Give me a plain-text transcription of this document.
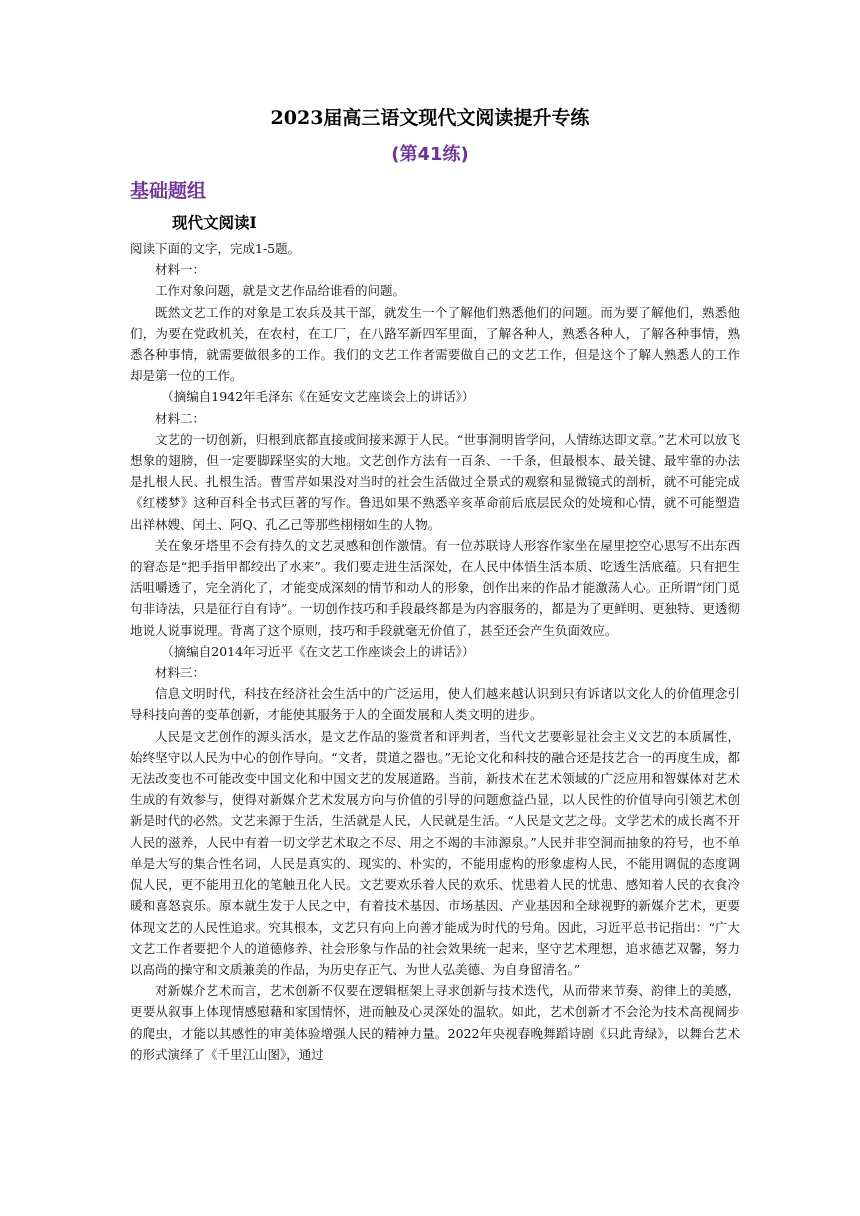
2023届高三语文现代文阅读提升专练
(第41练)
基础题组
现代文阅读Ⅰ

阅读下面的文字，完成1-5题。

材料一：

工作对象问题，就是文艺作品给谁看的问题。

既然文艺工作的对象是工农兵及其干部，就发生一个了解他们熟悉他们的问题。而为要了解他们，熟悉他们，为要在党政机关，在农村，在工厂，在八路军新四军里面，了解各种人，熟悉各种人，了解各种事情，熟悉各种事情，就需要做很多的工作。我们的文艺工作者需要做自己的文艺工作，但是这个了解人熟悉人的工作却是第一位的工作。

（摘编自1942年毛泽东《在延安文艺座谈会上的讲话》）

材料二：

文艺的一切创新，归根到底都直接或间接来源于人民。“世事洞明皆学问，人情练达即文章。”艺术可以放飞想象的翅膀，但一定要脚踩坚实的大地。文艺创作方法有一百条、一千条，但最根本、最关键、最牢靠的办法是扎根人民、扎根生活。曹雪芹如果没对当时的社会生活做过全景式的观察和显微镜式的剖析，就不可能完成《红楼梦》这种百科全书式巨著的写作。鲁迅如果不熟悉辛亥革命前后底层民众的处境和心情，就不可能塑造出祥林嫂、闰土、阿Q、孔乙己等那些栩栩如生的人物。

关在象牙塔里不会有持久的文艺灵感和创作激情。有一位苏联诗人形容作家坐在屋里挖空心思写不出东西的窘态是“把手指甲都绞出了水来”。我们要走进生活深处，在人民中体悟生活本质、吃透生活底蕴。只有把生活咀嚼透了，完全消化了，才能变成深刻的情节和动人的形象，创作出来的作品才能激荡人心。正所谓“闭门觅句非诗法，只是征行自有诗”。一切创作技巧和手段最终都是为内容服务的，都是为了更鲜明、更独特、更透彻地说人说事说理。背离了这个原则，技巧和手段就毫无价值了，甚至还会产生负面效应。

（摘编自2014年习近平《在文艺工作座谈会上的讲话》）

材料三：

信息文明时代，科技在经济社会生活中的广泛运用，使人们越来越认识到只有诉诸以文化人的价值理念引导科技向善的变革创新，才能使其服务于人的全面发展和人类文明的进步。

人民是文艺创作的源头活水，是文艺作品的鉴赏者和评判者，当代文艺要彰显社会主义文艺的本质属性，始终坚守以人民为中心的创作导向。“文者，贯道之器也。”无论文化和科技的融合还是技艺合一的再度生成，都无法改变也不可能改变中国文化和中国文艺的发展道路。当前，新技术在艺术领域的广泛应用和智媒体对艺术生成的有效参与，使得对新媒介艺术发展方向与价值的引导的问题愈益凸显，以人民性的价值导向引领艺术创新是时代的必然。文艺来源于生活，生活就是人民，人民就是生活。“人民是文艺之母。文学艺术的成长离不开人民的滋养，人民中有着一切文学艺术取之不尽、用之不竭的丰沛源泉。”人民并非空洞而抽象的符号，也不单单是大写的集合性名词，人民是真实的、现实的、朴实的，不能用虚构的形象虚构人民，不能用调侃的态度调侃人民，更不能用丑化的笔触丑化人民。文艺要欢乐着人民的欢乐、忧患着人民的忧患、感知着人民的衣食冷暖和喜怒哀乐。原本就生发于人民之中，有着技术基因、市场基因、产业基因和全球视野的新媒介艺术，更要体现文艺的人民性追求。究其根本，文艺只有向上向善才能成为时代的号角。因此，习近平总书记指出：“广大文艺工作者要把个人的道德修养、社会形象与作品的社会效果统一起来，坚守艺术理想，追求德艺双馨，努力以高尚的操守和文质兼美的作品，为历史存正气、为世人弘美德、为自身留清名。”

对新媒介艺术而言，艺术创新不仅要在逻辑框架上寻求创新与技术迭代，从而带来节奏、韵律上的美感，更要从叙事上体现情感慰藉和家国情怀，进而触及心灵深处的温软。如此，艺术创新才不会沦为技术高视阔步的爬虫，才能以其感性的审美体验增强人民的精神力量。2022年央视春晚舞蹈诗剧《只此青绿》，以舞台艺术的形式演绎了《千里江山图》，通过
